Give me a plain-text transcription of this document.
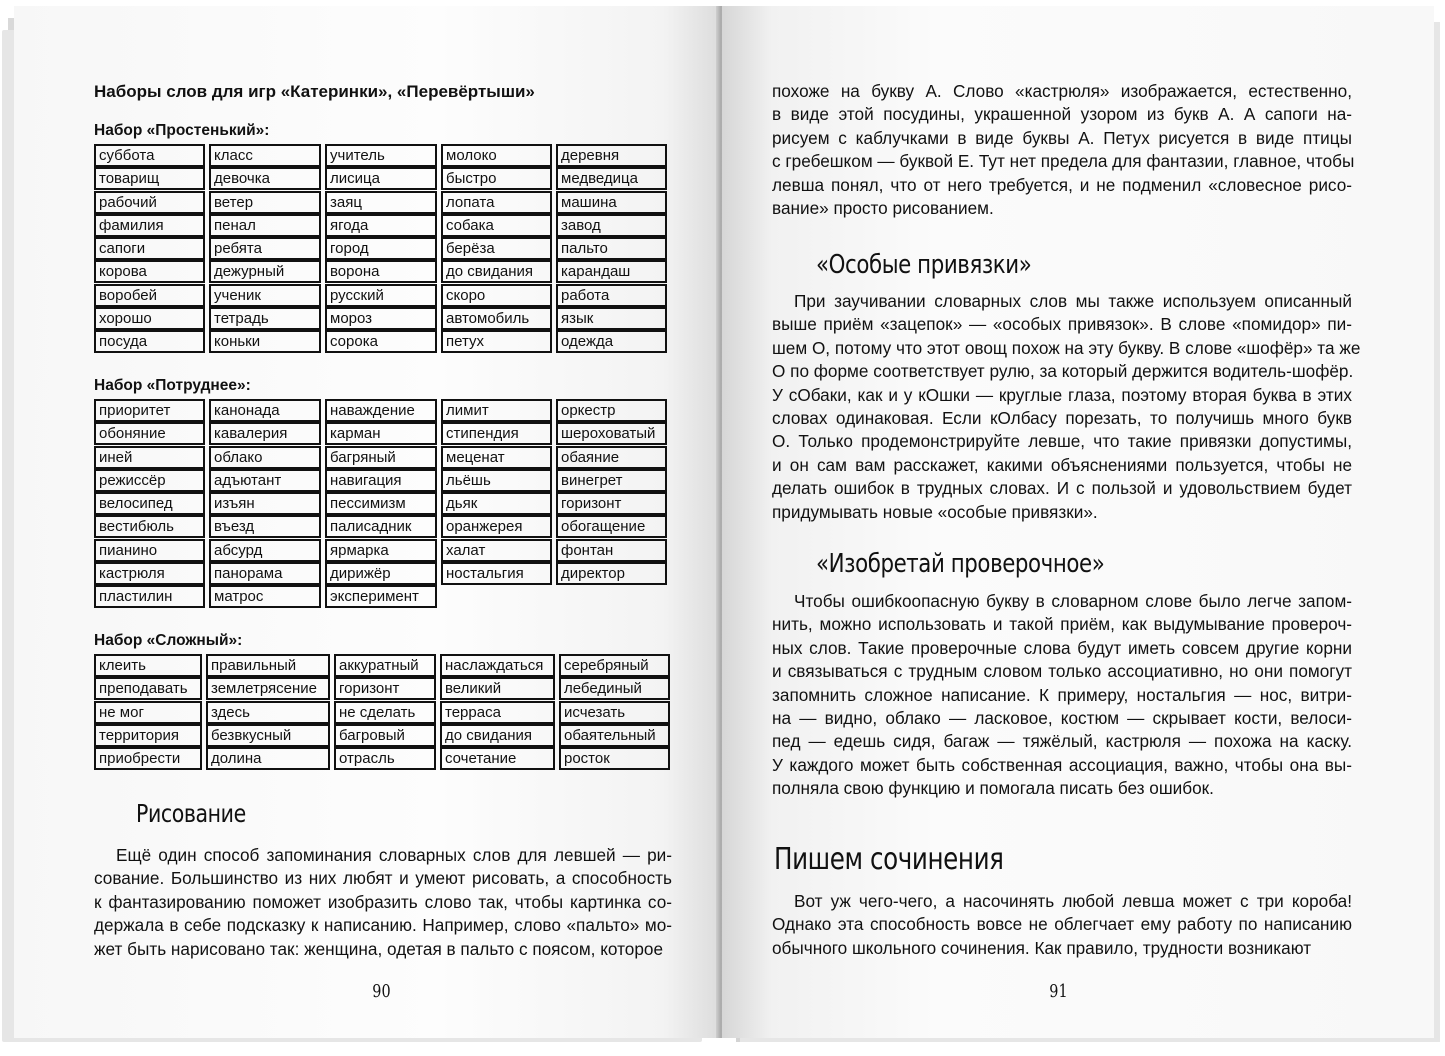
Наборы слов для игр «Катеринки», «Перевёртыши»
Набор «Простенький»:
суббота	класс	учитель	молоко	деревня
товарищ	девочка	лисица	быстро	медведица
рабочий	ветер	заяц	лопата	машина
фамилия	пенал	ягода	собака	завод
сапоги	ребята	город	берёза	пальто
корова	дежурный	ворона	до свидания	карандаш
воробей	ученик	русский	скоро	работа
хорошо	тетрадь	мороз	автомобиль	язык
посуда	коньки	сорока	петух	одежда
Набор «Потруднее»:
приоритет	канонада	наваждение	лимит	оркестр
обоняние	кавалерия	карман	стипендия	шероховатый
иней	облако	багряный	меценат	обаяние
режиссёр	адъютант	навигация	льёшь	винегрет
велосипед	изъян	пессимизм	дьяк	горизонт
вестибюль	въезд	палисадник	оранжерея	обогащение
пианино	абсурд	ярмарка	халат	фонтан
кастрюля	панорама	дирижёр	ностальгия	директор
пластилин	матрос	эксперимент
Набор «Сложный»:
клеить	правильный	аккуратный	наслаждаться	серебряный
преподавать	землетрясение	горизонт	великий	лебединый
не мог	здесь	не сделать	терраса	исчезать
территория	безвкусный	багровый	до свидания	обаятельный
приобрести	долина	отрасль	сочетание	росток
Рисование
Ещё один способ запоминания словарных слов для левшей — ри-
сование. Большинство из них любят и умеют рисовать, а способность
к фантазированию поможет изобразить слово так, чтобы картинка со-
держала в себе подсказку к написанию. Например, слово «пальто» мо-
жет быть нарисовано так: женщина, одетая в пальто с поясом, которое
90
похоже на букву А. Слово «кастрюля» изображается, естественно,
в виде этой посудины, украшенной узором из букв А. А сапоги на-
рисуем с каблучками в виде буквы А. Петух рисуется в виде птицы
с гребешком — буквой Е. Тут нет предела для фантазии, главное, чтобы
левша понял, что от него требуется, и не подменил «словесное рисо-
вание» просто рисованием.
«Особые привязки»
При заучивании словарных слов мы также используем описанный
выше приём «зацепок» — «особых привязок». В слове «помидор» пи-
шем О, потому что этот овощ похож на эту букву. В слове «шофёр» та же
О по форме соответствует рулю, за который держится водитель-шофёр.
У сОбаки, как и у кОшки — круглые глаза, поэтому вторая буква в этих
словах одинаковая. Если кОлбасу порезать, то получишь много букв
О. Только продемонстрируйте левше, что такие привязки допустимы,
и он сам вам расскажет, какими объяснениями пользуется, чтобы не
делать ошибок в трудных словах. И с пользой и удовольствием будет
придумывать новые «особые привязки».
«Изобретай проверочное»
Чтобы ошибкоопасную букву в словарном слове было легче запом-
нить, можно использовать и такой приём, как выдумывание провероч-
ных слов. Такие проверочные слова будут иметь совсем другие корни
и связываться с трудным словом только ассоциативно, но они помогут
запомнить сложное написание. К примеру, ностальгия — нос, витри-
на — видно, облако — ласковое, костюм — скрывает кости, велоси-
пед — едешь сидя, багаж — тяжёлый, кастрюля — похожа на каску.
У каждого может быть собственная ассоциация, важно, чтобы она вы-
полняла свою функцию и помогала писать без ошибок.
Пишем сочинения
Вот уж чего-чего, а насочинять любой левша может с три короба!
Однако эта способность вовсе не облегчает ему работу по написанию
обычного школьного сочинения. Как правило, трудности возникают
91
